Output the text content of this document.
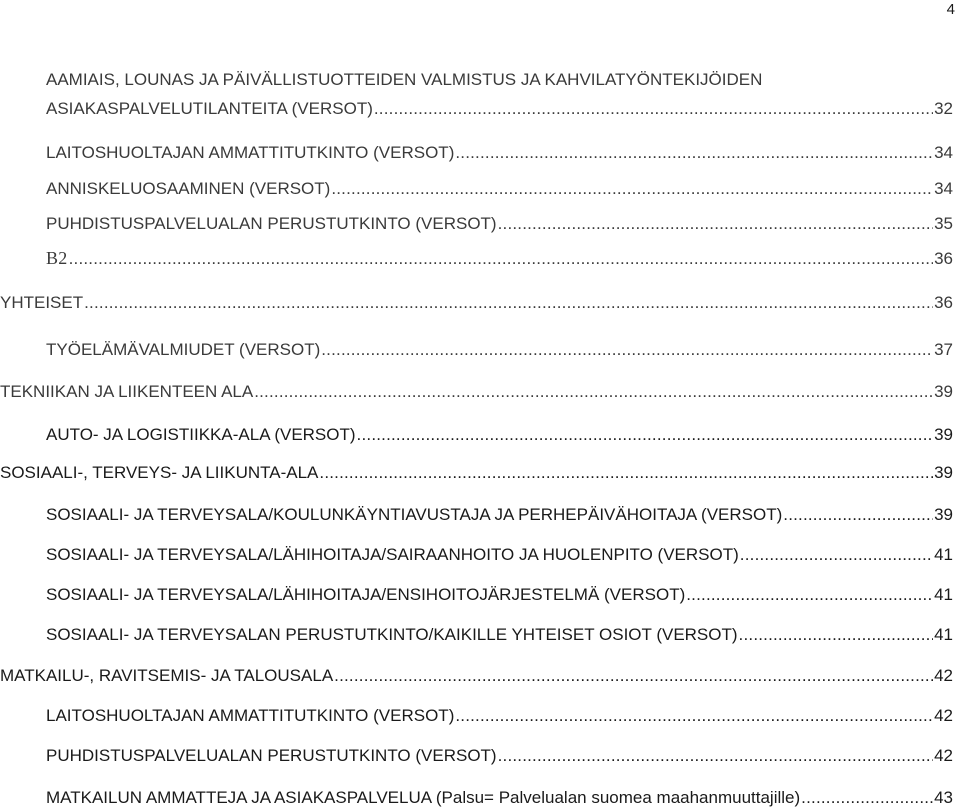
4
AAMIAIS, LOUNAS JA PÄIVÄLLISTUOTTEIDEN VALMISTUS JA KAHVILATYÖNTEKIJÖIDEN
ASIAKASPALVELUTILANTEITA (VERSOT) .....	32
LAITOSHUOLTAJAN AMMATTITUTKINTO (VERSOT) .....	34
ANNISKELUOSAAMINEN (VERSOT) .....	34
PUHDISTUSPALVELUALAN PERUSTUTKINTO (VERSOT) .....	35
B2 .....	36
YHTEISET .....	36
TYÖELÄMÄVALMIUDET (VERSOT) .....	37
TEKNIIKAN JA LIIKENTEEN ALA .....	39
AUTO- JA LOGISTIIKKA-ALA (VERSOT) .....	39
SOSIAALI-, TERVEYS- JA LIIKUNTA-ALA .....	39
SOSIAALI- JA TERVEYSALA/KOULUNKÄYNTIAVUSTAJA JA PERHEPÄIVÄHOITAJA (VERSOT) .....	39
SOSIAALI- JA TERVEYSALA/LÄHIHOITAJA/SAIRAANHOITO JA HUOLENPITO (VERSOT) .....	41
SOSIAALI- JA TERVEYSALA/LÄHIHOITAJA/ENSIHOITOJÄRJESTELMÄ (VERSOT) .....	41
SOSIAALI- JA TERVEYSALAN PERUSTUTKINTO/KAIKILLE YHTEISET OSIOT (VERSOT) .....	41
MATKAILU-, RAVITSEMIS- JA TALOUSALA .....	42
LAITOSHUOLTAJAN AMMATTITUTKINTO (VERSOT) .....	42
PUHDISTUSPALVELUALAN PERUSTUTKINTO (VERSOT) .....	42
MATKAILUN AMMATTEJA JA ASIAKASPALVELUA (Palsu= Palvelualan suomea maahanmuuttajille) .....	43
